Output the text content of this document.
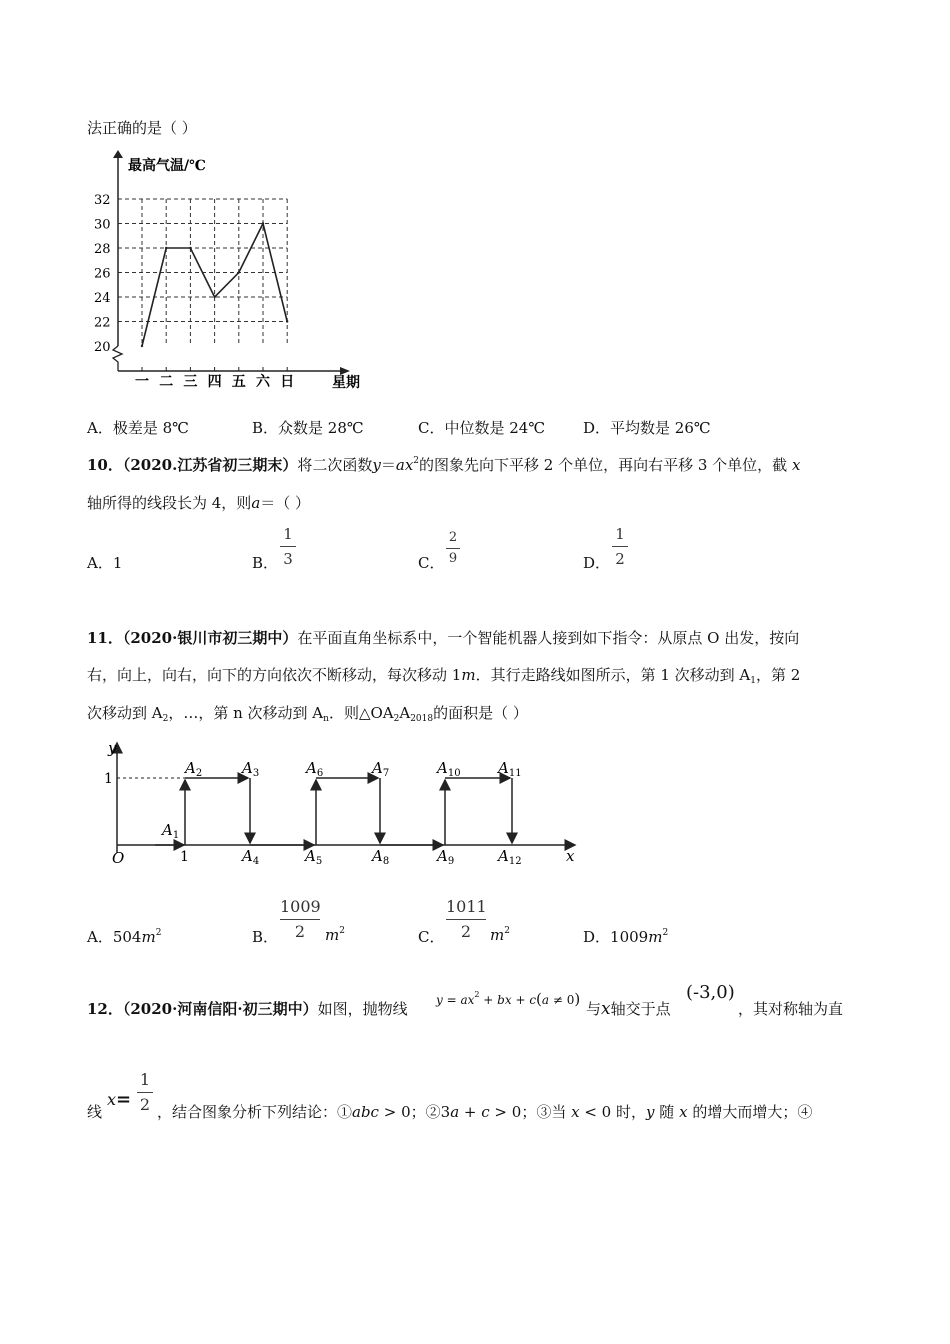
法正确的是（ ）
20
22
24
26
28
30
32
一 二 三 四 五 六 日
最高气温/℃
星期
A．极差是 8℃	B．众数是 28℃	C．中位数是 24℃	D．平均数是 26℃
10．（2020.江苏省初三期末）将二次函数$y=ax^2$的图象先向下平移 2 个单位，再向右平移 3 个单位，截 x
轴所得的线段长为 4，则a＝（ ）
A．1	B．
1
3	C．
2
9	D．
1
2
11．（2020·银川市初三期中）在平面直角坐标系中，一个智能机器人接到如下指令：从原点 O 出发，按向
右，向上，向右，向下的方向依次不断移动，每次移动 1m．其行走路线如图所示，第 1 次移动到 $A_1$，第 2
次移动到 $A_2$，…，第 n 次移动到 $A_n$．则$\triangle OA_2A_{2018}$的面积是（ ）
y
x
O
1
1
$A_1$
$A_2$	$A_3$
$A_4$	$A_5$
$A_6$	$A_7$
$A_8$	$A_9$
$A_{10}$ $A_{11}$
$A_{12}$
A．$504m^2$	B．
1009
2	$m^2$	C．
1011
2	$m^2$	D．$1009m^2$
12．（2020·河南信阳·初三期中）如图，抛物线 $y = ax^2$ + bx + c(a ≠ 0)
与x轴交于点
(‑3,0)
，其对称轴为直
线
x=
1
2 ，结合图象分析下列结论：①abc > 0；②3a + c > 0；③当 x < 0 时，y 随 x 的增大而增大；④
